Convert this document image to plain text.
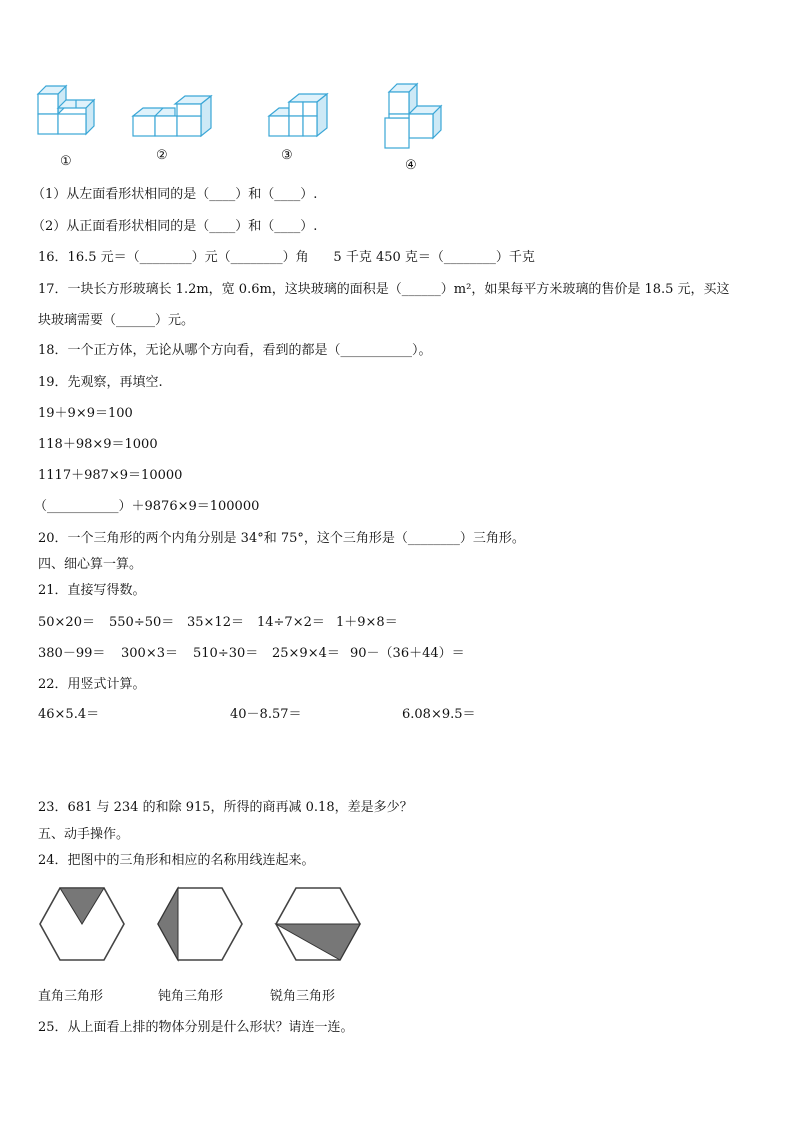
①	②	③
④
（1）从左面看形状相同的是（____）和（____）.
（2）从正面看形状相同的是（____）和（____）.
16．16.5 元＝（________）元（________）角      5 千克 450 克＝（________）千克
17．一块长方形玻璃长 1.2m，宽 0.6m，这块玻璃的面积是（______）m²，如果每平方米玻璃的售价是 18.5 元，买这
块玻璃需要（______）元。
18．一个正方体，无论从哪个方向看，看到的都是（___________）。
19．先观察，再填空.
19＋9×9＝100
118＋98×9＝1000
1117＋987×9＝10000
（___________）＋9876×9＝100000
20．一个三角形的两个内角分别是 34°和 75°，这个三角形是（________）三角形。
四、细心算一算。
21．直接写得数。
50×20＝ 550÷50＝ 35×12＝ 14÷7×2＝ 1＋9×8＝
380－99＝ 300×3＝ 510÷30＝ 25×9×4＝ 90－（36＋44）＝
22．用竖式计算。
46×5.4＝	40－8.57＝	6.08×9.5＝
23．681 与 234 的和除 915，所得的商再减 0.18，差是多少？
五、动手操作。
24．把图中的三角形和相应的名称用线连起来。
直角三角形	钝角三角形	锐角三角形
25．从上面看上排的物体分别是什么形状？请连一连。
